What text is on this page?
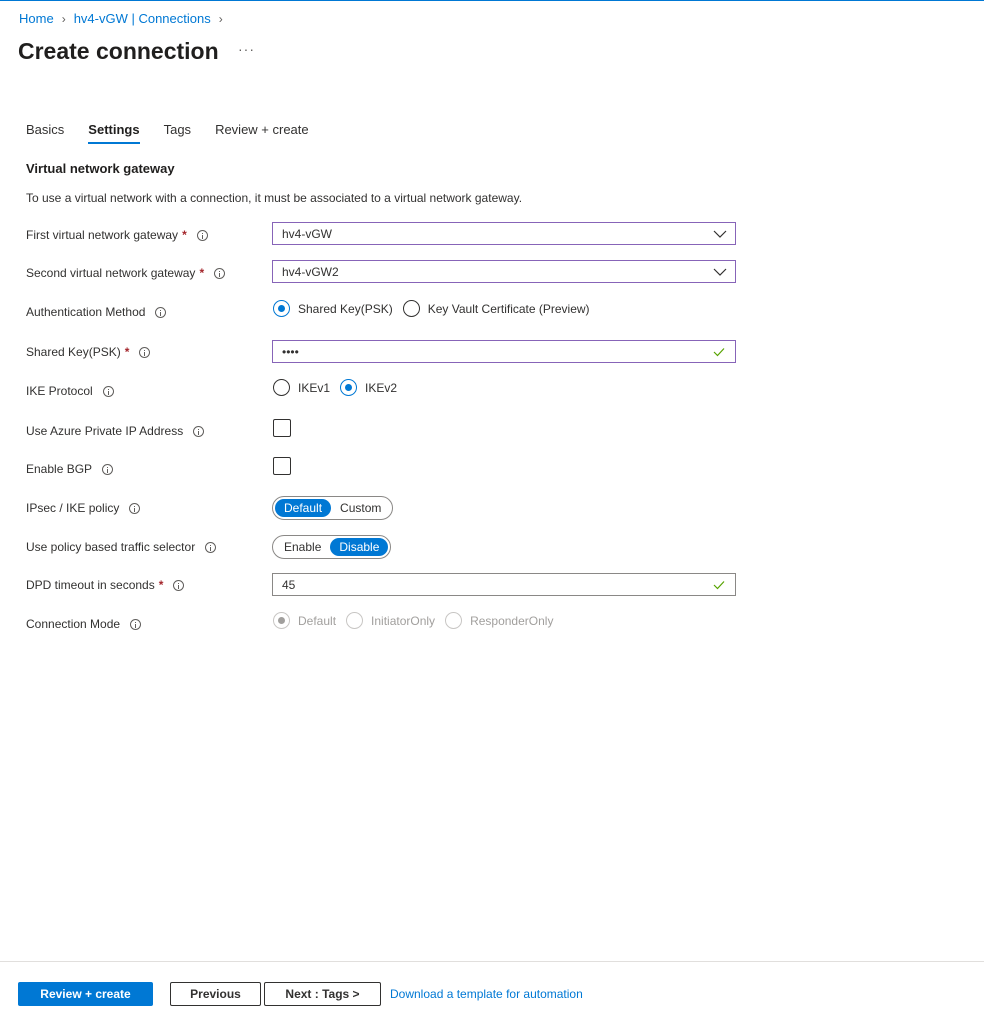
Home › hv4-vGW | Connections ›
Create connection ···
Basics Settings Tags Review + create
Virtual network gateway
To use a virtual network with a connection, it must be associated to a virtual network gateway.
First virtual network gateway *	hv4-vGW
Second virtual network gateway *	hv4-vGW2
Authentication Method	Shared Key(PSK)	Key Vault Certificate (Preview)
Shared Key(PSK) *	••••
IKE Protocol	IKEv1	IKEv2
Use Azure Private IP Address
Enable BGP
IPsec / IKE policy	Default	Custom
Use policy based traffic selector	Enable	Disable
DPD timeout in seconds *	45
Connection Mode	Default	InitiatorOnly	ResponderOnly
Review + create	Previous	Next : Tags >	Download a template for automation
